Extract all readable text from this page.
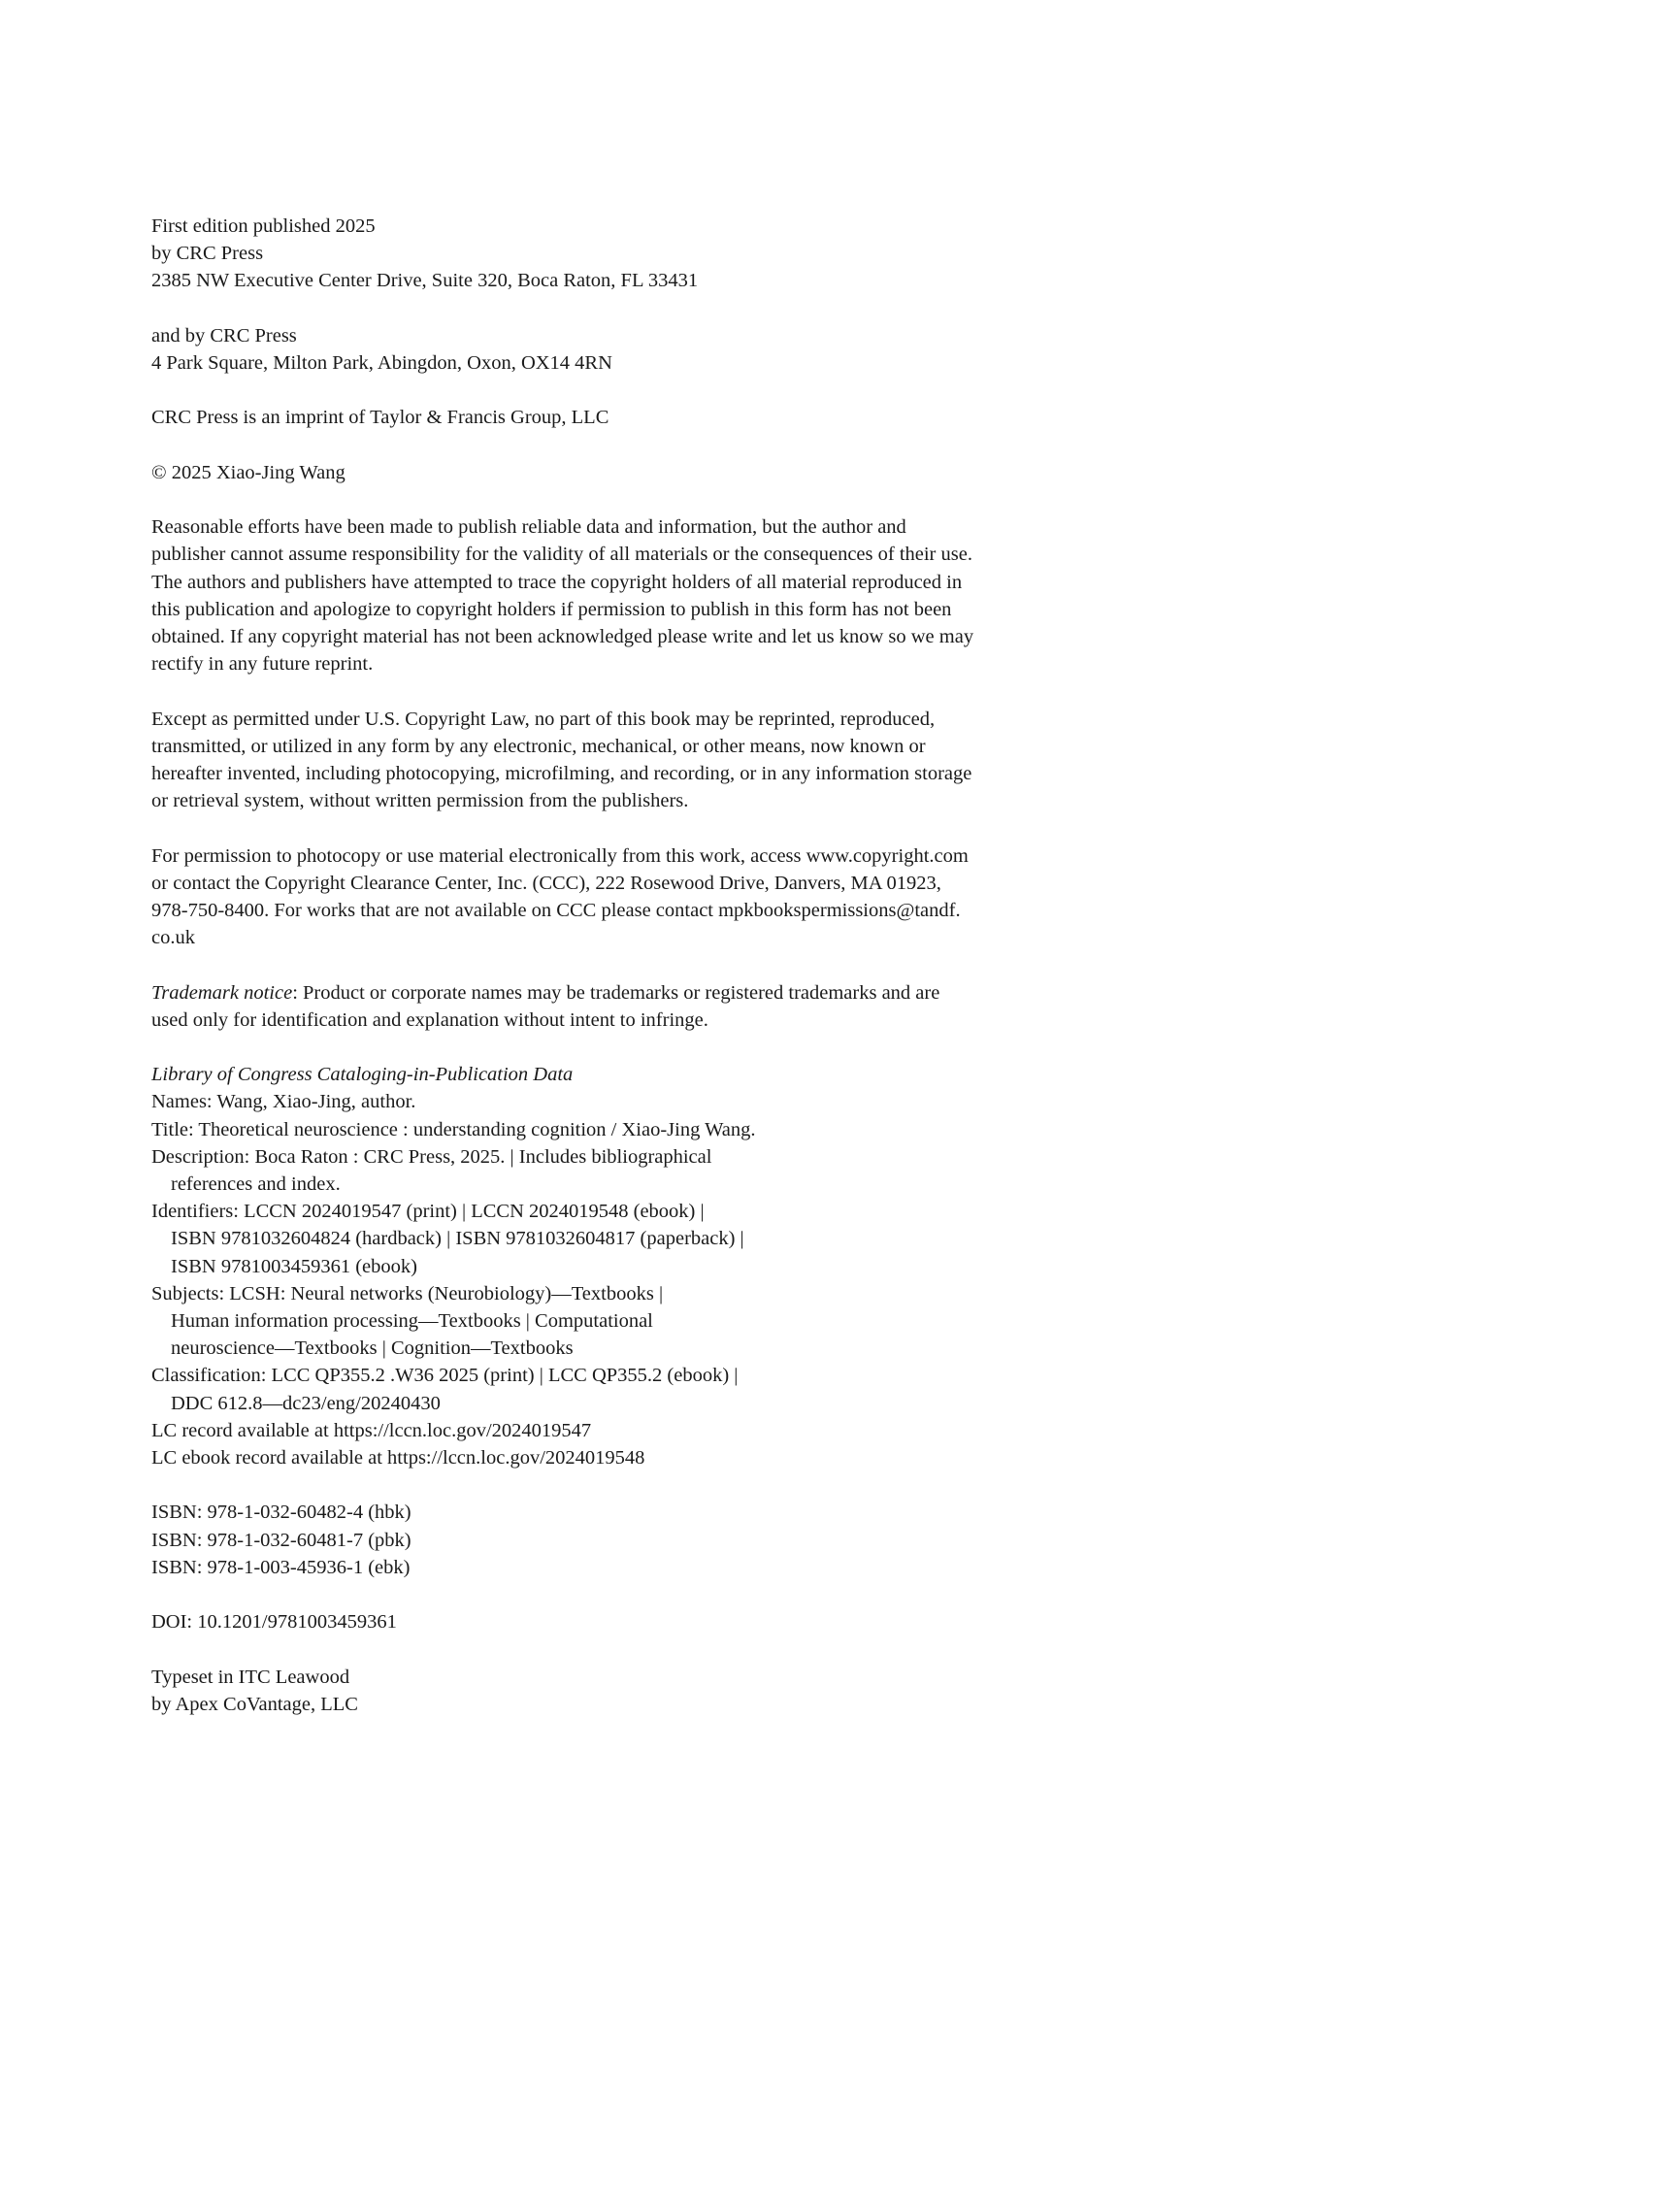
First edition published 2025
by CRC Press
2385 NW Executive Center Drive, Suite 320, Boca Raton, FL 33431
and by CRC Press
4 Park Square, Milton Park, Abingdon, Oxon, OX14 4RN
CRC Press is an imprint of Taylor & Francis Group, LLC
© 2025 Xiao-Jing Wang
Reasonable efforts have been made to publish reliable data and information, but the author and
publisher cannot assume responsibility for the validity of all materials or the consequences of their use.
The authors and publishers have attempted to trace the copyright holders of all material reproduced in
this publication and apologize to copyright holders if permission to publish in this form has not been
obtained. If any copyright material has not been acknowledged please write and let us know so we may
rectify in any future reprint.
Except as permitted under U.S. Copyright Law, no part of this book may be reprinted, reproduced,
transmitted, or utilized in any form by any electronic, mechanical, or other means, now known or
hereafter invented, including photocopying, microfilming, and recording, or in any information storage
or retrieval system, without written permission from the publishers.
For permission to photocopy or use material electronically from this work, access www.copyright.com
or contact the Copyright Clearance Center, Inc. (CCC), 222 Rosewood Drive, Danvers, MA 01923,
978-750-8400. For works that are not available on CCC please contact mpkbookspermissions@tandf.
co.uk
Trademark notice: Product or corporate names may be trademarks or registered trademarks and are
used only for identification and explanation without intent to infringe.
Library of Congress Cataloging-in-Publication Data
Names: Wang, Xiao-Jing, author.
Title: Theoretical neuroscience : understanding cognition / Xiao-Jing Wang.
Description: Boca Raton : CRC Press, 2025. | Includes bibliographical
references and index.
Identifiers: LCCN 2024019547 (print) | LCCN 2024019548 (ebook) |
ISBN 9781032604824 (hardback) | ISBN 9781032604817 (paperback) |
ISBN 9781003459361 (ebook)
Subjects: LCSH: Neural networks (Neurobiology)—Textbooks |
Human information processing—Textbooks | Computational
neuroscience—Textbooks | Cognition—Textbooks
Classification: LCC QP355.2 .W36 2025 (print) | LCC QP355.2 (ebook) |
DDC 612.8—dc23/eng/20240430
LC record available at https://lccn.loc.gov/2024019547
LC ebook record available at https://lccn.loc.gov/2024019548
ISBN: 978-1-032-60482-4 (hbk)
ISBN: 978-1-032-60481-7 (pbk)
ISBN: 978-1-003-45936-1 (ebk)
DOI: 10.1201/9781003459361
Typeset in ITC Leawood
by Apex CoVantage, LLC
